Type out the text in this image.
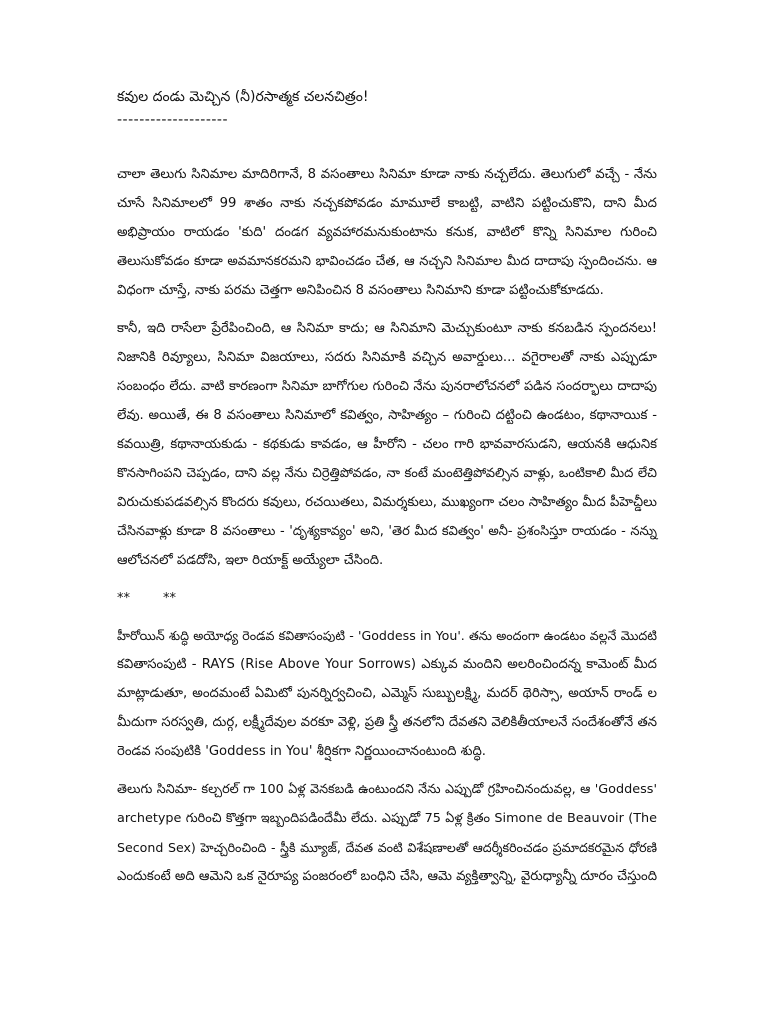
కవుల దండు మెచ్చిన (నీ)రసాత్మక చలనచిత్రం!

--------------------

చాలా తెలుగు సినిమాల మాదిరిగానే, 8 వసంతాలు సినిమా కూడా నాకు నచ్చలేదు. తెలుగులో వచ్చే - నేను
చూసే సినిమాలలో 99 శాతం నాకు నచ్చకపోవడం మామూలే కాబట్టి, వాటిని పట్టించుకొని, దాని మీద
అభిప్రాయం రాయడం 'కుది' దండగ వ్యవహారమనుకుంటాను కనుక, వాటిలో కొన్ని సినిమాల గురించి
తెలుసుకోవడం కూడా అవమానకరమని భావించడం చేత, ఆ నచ్చని సినిమాల మీద దాదాపు స్పందించను. ఆ
విధంగా చూస్తే, నాకు పరమ చెత్తగా అనిపించిన 8 వసంతాలు సినిమాని కూడా పట్టించుకోకూడదు.
కానీ, ఇది రాసేలా ప్రేరేపించింది, ఆ సినిమా కాదు; ఆ సినిమాని మెచ్చుకుంటూ నాకు కనబడిన స్పందనలు!
నిజానికి రివ్యూలు, సినిమా విజయాలు, సదరు సినిమాకి వచ్చిన అవార్డులు... వగైరాలతో నాకు ఎప్పుడూ
సంబంధం లేదు. వాటి కారణంగా సినిమా బాగోగుల గురించి నేను పునరాలోచనలో పడిన సందర్భాలు దాదాపు
లేవు. అయితే, ఈ 8 వసంతాలు సినిమాలో కవిత్వం, సాహిత్యం – గురించి దట్టించి ఉండటం, కథానాయిక -
కవయిత్రి, కథానాయకుడు - కథకుడు కావడం, ఆ హీరోని - చలం గారి భావవారసుడని, ఆయనకి ఆధునిక
కొనసాగింపని చెప్పడం, దాని వల్ల నేను చిర్రెత్తిపోవడం, నా కంటే మంటెత్తిపోవల్సిన వాళ్లు, ఒంటికాలి మీద లేచి
విరుచుకుపడవల్సిన కొందరు కవులు, రచయితలు, విమర్శకులు, ముఖ్యంగా చలం సాహిత్యం మీద పీహెచ్డీలు
చేసినవాళ్లు కూడా 8 వసంతాలు - 'దృశ్యకావ్యం' అని, 'తెర మీద కవిత్వం' అనీ- ప్రశంసిస్తూ రాయడం - నన్ను
ఆలోచనలో పడదోసి, ఇలా రియాక్ట్ అయ్యేలా చేసింది.

**        **

హీరోయిన్ శుద్ధి అయోధ్య రెండవ కవితాసంపుటి - 'Goddess in You'. తను అందంగా ఉండటం వల్లనే మొదటి
కవితాసంపుటి - RAYS (Rise Above Your Sorrows) ఎక్కువ మందిని అలరించిందన్న కామెంట్ మీద
మాట్లాడుతూ, అందమంటే ఏమిటో పునర్నిర్వచించి, ఎమ్మెస్ సుబ్బులక్ష్మి, మదర్ థెరిస్సా, అయాన్ రాండ్ ల
మీదుగా సరస్వతి, దుర్గ, లక్ష్మీదేవుల వరకూ వెళ్లి, ప్రతి స్త్రీ తనలోని దేవతని వెలికితీయాలనే సందేశంతోనే తన
రెండవ సంపుటికి 'Goddess in You' శీర్షికగా నిర్ణయించానంటుంది శుద్ధి.
తెలుగు సినిమా- కల్చరల్ గా 100 ఏళ్ల వెనకబడి ఉంటుందని నేను ఎప్పుడో గ్రహించినందువల్ల, ఆ 'Goddess'
archetype గురించి కొత్తగా ఇబ్బందిపడిందేమీ లేదు. ఎప్పుడో 75 ఏళ్ల క్రితం Simone de Beauvoir (The
Second Sex) హెచ్చరించింది - స్త్రీకి మ్యూజ్, దేవత వంటి విశేషణాలతో ఆదర్శీకరించడం ప్రమాదకరమైన ధోరణి
ఎందుకంటే అది ఆమెని ఒక నైరూప్య పంజరంలో బంధిని చేసి, ఆమె వ్యక్తిత్వాన్ని, వైరుధ్యాన్నీ దూరం చేస్తుంది
